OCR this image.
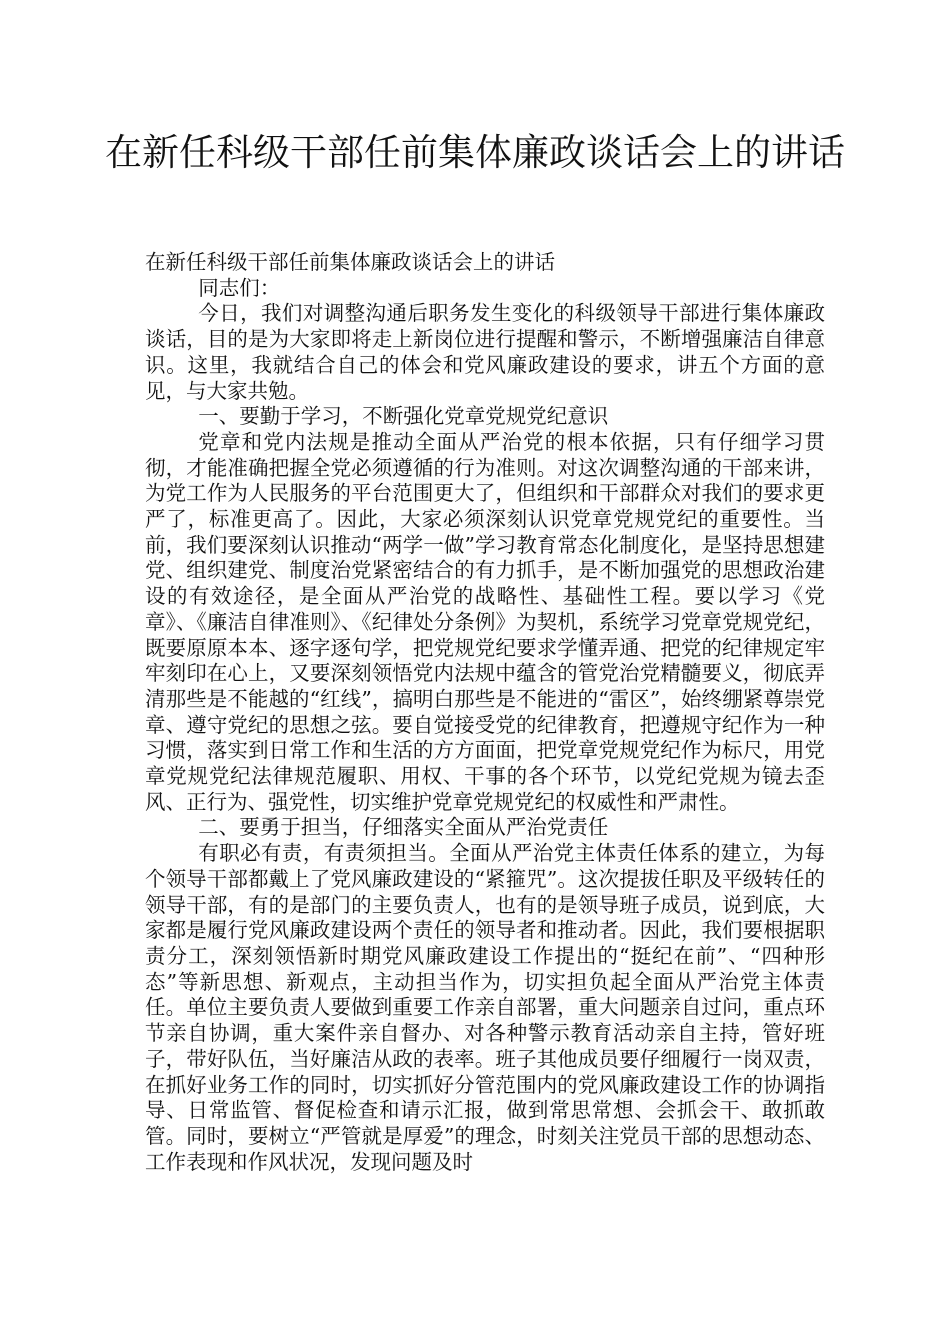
在新任科级干部任前集体廉政谈话会上的讲话

在新任科级干部任前集体廉政谈话会上的讲话

同志们：

今日，我们对调整沟通后职务发生变化的科级领导干部进行集体廉政谈话，目的是为大家即将走上新岗位进行提醒和警示，不断增强廉洁自律意识。这里，我就结合自己的体会和党风廉政建设的要求，讲五个方面的意见，与大家共勉。

一、要勤于学习，不断强化党章党规党纪意识

党章和党内法规是推动全面从严治党的根本依据，只有仔细学习贯彻，才能准确把握全党必须遵循的行为准则。对这次调整沟通的干部来讲，为党工作为人民服务的平台范围更大了，但组织和干部群众对我们的要求更严了，标准更高了。因此，大家必须深刻认识党章党规党纪的重要性。当前，我们要深刻认识推动“两学一做”学习教育常态化制度化，是坚持思想建党、组织建党、制度治党紧密结合的有力抓手，是不断加强党的思想政治建设的有效途径，是全面从严治党的战略性、基础性工程。要以学习《党章》、《廉洁自律准则》、《纪律处分条例》为契机，系统学习党章党规党纪，既要原原本本、逐字逐句学，把党规党纪要求学懂弄通、把党的纪律规定牢牢刻印在心上，又要深刻领悟党内法规中蕴含的管党治党精髓要义，彻底弄清那些是不能越的“红线”，搞明白那些是不能进的“雷区”，始终绷紧尊崇党章、遵守党纪的思想之弦。要自觉接受党的纪律教育，把遵规守纪作为一种习惯，落实到日常工作和生活的方方面面，把党章党规党纪作为标尺，用党章党规党纪法律规范履职、用权、干事的各个环节，以党纪党规为镜去歪风、正行为、强党性，切实维护党章党规党纪的权威性和严肃性。

二、要勇于担当，仔细落实全面从严治党责任

有职必有责，有责须担当。全面从严治党主体责任体系的建立，为每个领导干部都戴上了党风廉政建设的“紧箍咒”。这次提拔任职及平级转任的领导干部，有的是部门的主要负责人，也有的是领导班子成员，说到底，大家都是履行党风廉政建设两个责任的领导者和推动者。因此，我们要根据职责分工，深刻领悟新时期党风廉政建设工作提出的“挺纪在前”、“四种形态”等新思想、新观点，主动担当作为，切实担负起全面从严治党主体责任。单位主要负责人要做到重要工作亲自部署，重大问题亲自过问，重点环节亲自协调，重大案件亲自督办、对各种警示教育活动亲自主持，管好班子，带好队伍，当好廉洁从政的表率。班子其他成员要仔细履行一岗双责，在抓好业务工作的同时，切实抓好分管范围内的党风廉政建设工作的协调指导、日常监管、督促检查和请示汇报，做到常思常想、会抓会干、敢抓敢管。同时，要树立“严管就是厚爱”的理念，时刻关注党员干部的思想动态、工作表现和作风状况，发现问题及时
